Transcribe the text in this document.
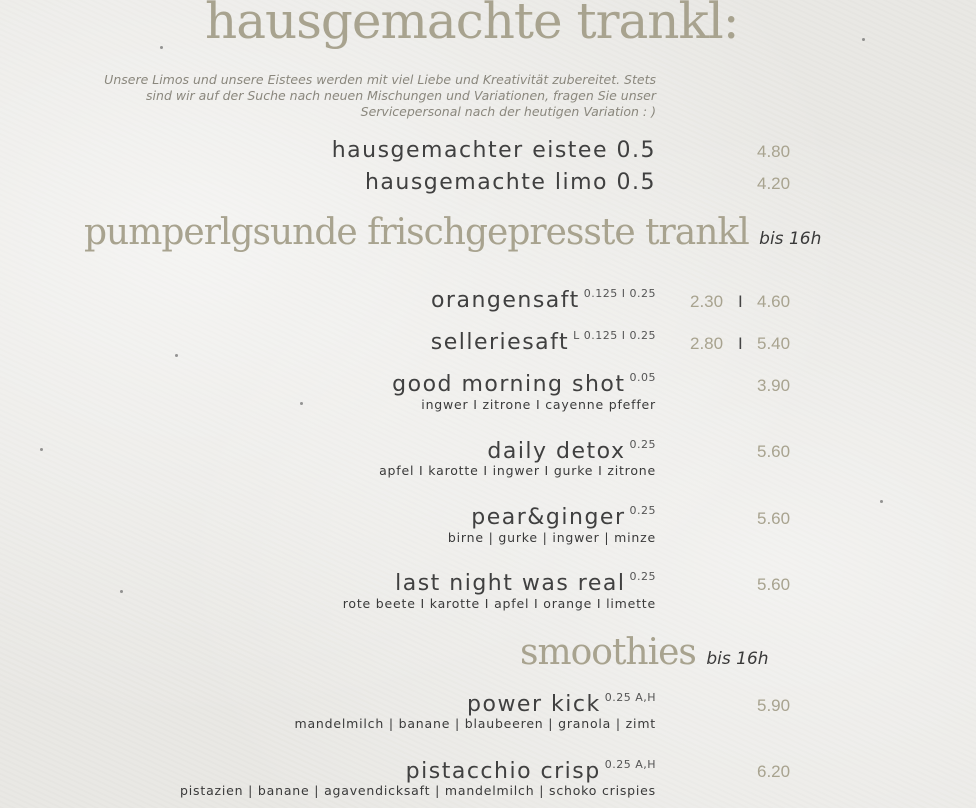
hausgemachte trankl:
Unsere Limos und unsere Eistees werden mit viel Liebe und Kreativität zubereitet. Stets sind wir auf der Suche nach neuen Mischungen und Variationen, fragen Sie unser Servicepersonal nach der heutigen Variation : )
hausgemachter eistee 0.5	4.80
hausgemachte limo 0.5	4.20
pumperlgsunde frischgepresste trankl bis 16h
orangensaft $^{0.125 I 0.25}$ 2.30 I 4.60
selleriesaft $^{L 0.125 I 0.25}$ 2.80 I 5.40
good morning shot $^{0.05}$
ingwer I zitrone I cayenne pfeffer
3.90
daily detox $^{0.25}$
apfel I karotte I ingwer I gurke I zitrone
5.60
pear&ginger $^{0.25}$
birne | gurke | ingwer | minze
5.60
last night was real $^{0.25}$
rote beete I karotte I apfel I orange I limette
5.60
smoothies bis 16h
power kick $^{0.25 A,H}$
mandelmilch | banane | blaubeeren | granola | zimt
5.90
pistacchio crisp $^{0.25 A,H}$
pistazien | banane | agavendicksaft | mandelmilch | schoko crispies
6.20
